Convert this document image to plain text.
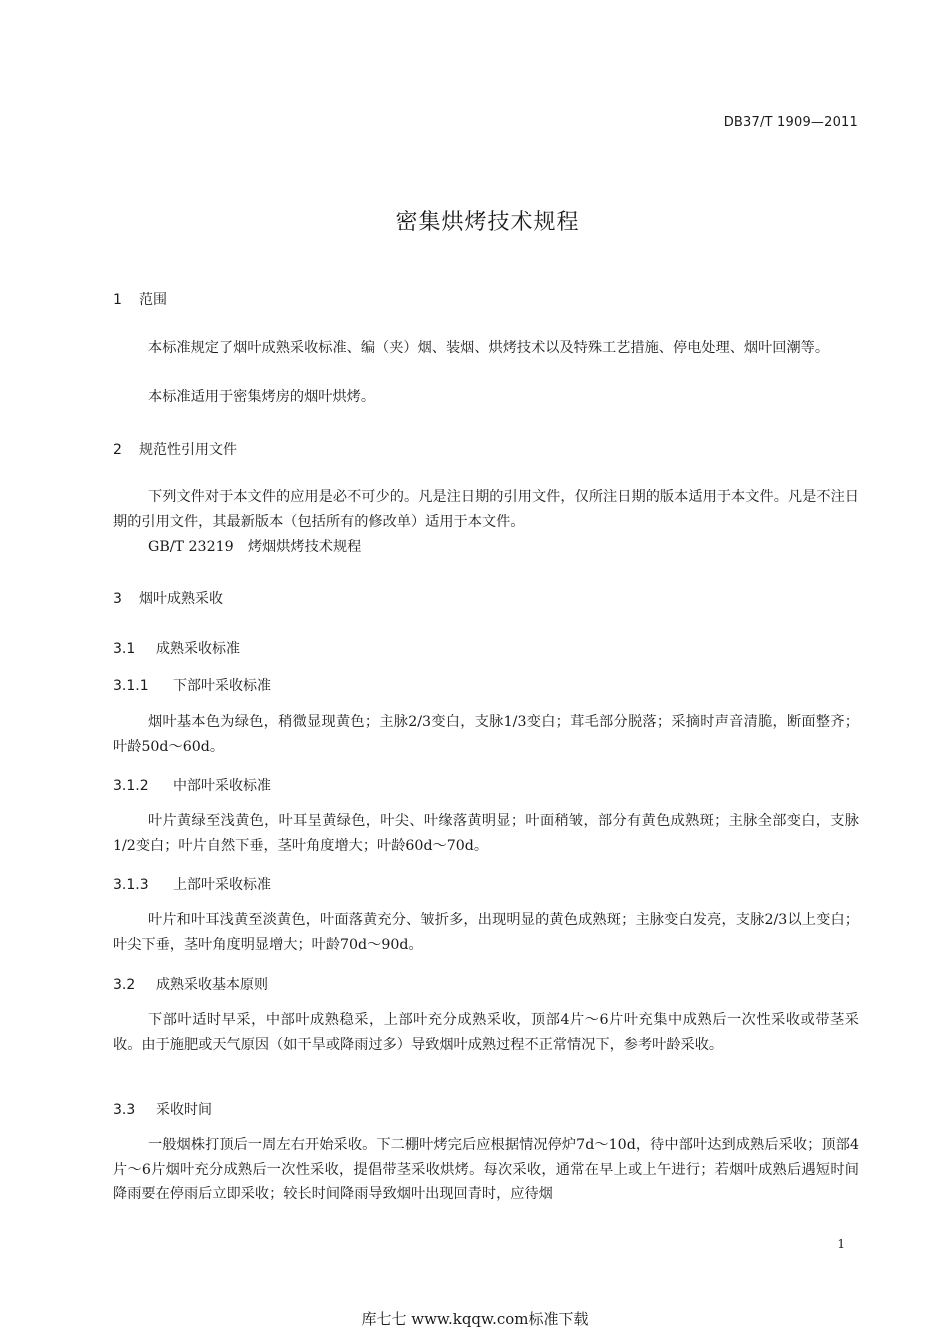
DB37/T 1909—2011
密集烘烤技术规程
1 范围
本标准规定了烟叶成熟采收标准、编（夹）烟、装烟、烘烤技术以及特殊工艺措施、停电处理、烟叶回潮等。
本标准适用于密集烤房的烟叶烘烤。
2 规范性引用文件
下列文件对于本文件的应用是必不可少的。凡是注日期的引用文件，仅所注日期的版本适用于本文件。凡是不注日期的引用文件，其最新版本（包括所有的修改单）适用于本文件。
GB/T 23219　烤烟烘烤技术规程
3 烟叶成熟采收
3.1 成熟采收标准
3.1.1 下部叶采收标准
烟叶基本色为绿色，稍微显现黄色；主脉2/3变白，支脉1/3变白；茸毛部分脱落；采摘时声音清脆，断面整齐；叶龄50d～60d。
3.1.2 中部叶采收标准
叶片黄绿至浅黄色，叶耳呈黄绿色，叶尖、叶缘落黄明显；叶面稍皱，部分有黄色成熟斑；主脉全部变白，支脉1/2变白；叶片自然下垂，茎叶角度增大；叶龄60d～70d。
3.1.3 上部叶采收标准
叶片和叶耳浅黄至淡黄色，叶面落黄充分、皱折多，出现明显的黄色成熟斑；主脉变白发亮，支脉2/3以上变白；叶尖下垂，茎叶角度明显增大；叶龄70d～90d。
3.2 成熟采收基本原则
下部叶适时早采，中部叶成熟稳采，上部叶充分成熟采收，顶部4片～6片叶充集中成熟后一次性采收或带茎采收。由于施肥或天气原因（如干旱或降雨过多）导致烟叶成熟过程不正常情况下，参考叶龄采收。
3.3 采收时间
一般烟株打顶后一周左右开始采收。下二棚叶烤完后应根据情况停炉7d～10d，待中部叶达到成熟后采收；顶部4片～6片烟叶充分成熟后一次性采收，提倡带茎采收烘烤。每次采收，通常在早上或上午进行；若烟叶成熟后遇短时间降雨要在停雨后立即采收；较长时间降雨导致烟叶出现回青时，应待烟
1
库七七 www.kqqw.com标准下载
